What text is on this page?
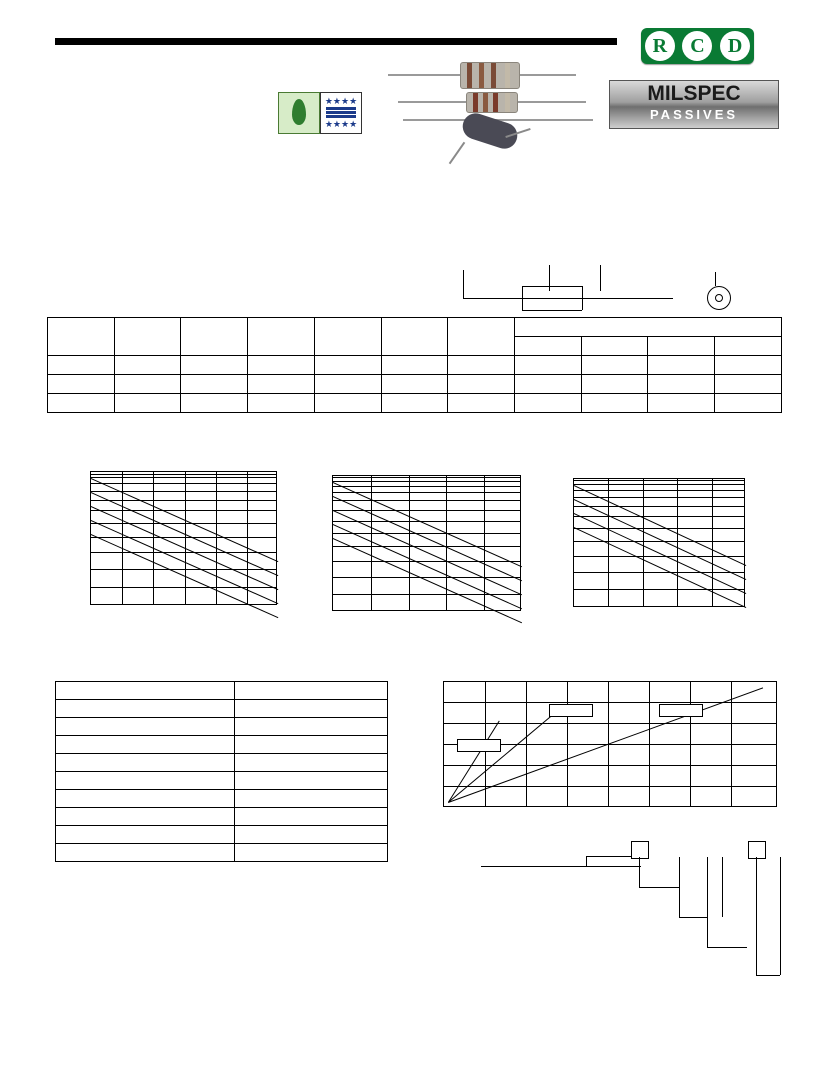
R	C	D
MILSPEC
PASSIVES
★★★★
★★★★
